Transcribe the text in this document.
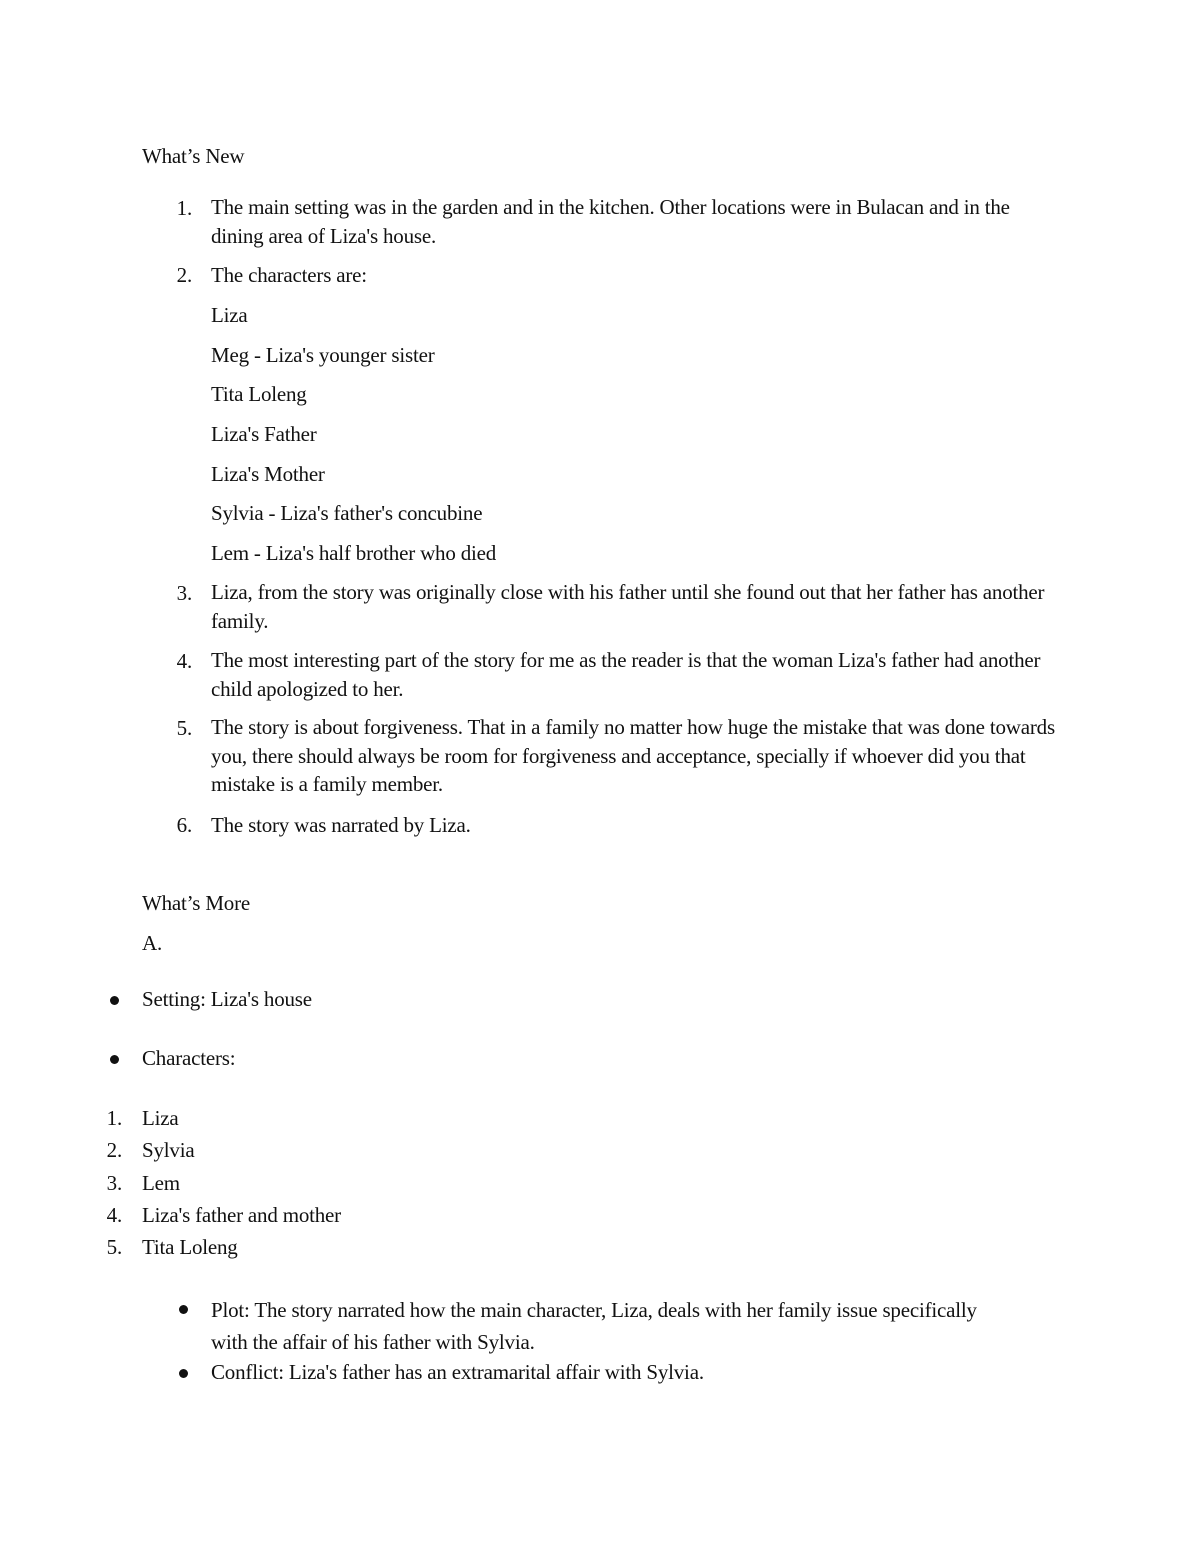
What’s New
1. The main setting was in the garden and in the kitchen. Other locations were in Bulacan and in the dining area of Liza's house.
2. The characters are:
Liza
Meg - Liza's younger sister
Tita Loleng
Liza's Father
Liza's Mother
Sylvia - Liza's father's concubine
Lem - Liza's half brother who died
3. Liza, from the story was originally close with his father until she found out that her father has another family.
4. The most interesting part of the story for me as the reader is that the woman Liza's father had another child apologized to her.
5. The story is about forgiveness. That in a family no matter how huge the mistake that was done towards you, there should always be room for forgiveness and acceptance, specially if whoever did you that mistake is a family member.
6. The story was narrated by Liza.
What’s More
A.
Setting: Liza's house
Characters:
1. Liza
2. Sylvia
3. Lem
4. Liza's father and mother
5. Tita Loleng
Plot: The story narrated how the main character, Liza, deals with her family issue specifically with the affair of his father with Sylvia.
Conflict: Liza's father has an extramarital affair with Sylvia.
